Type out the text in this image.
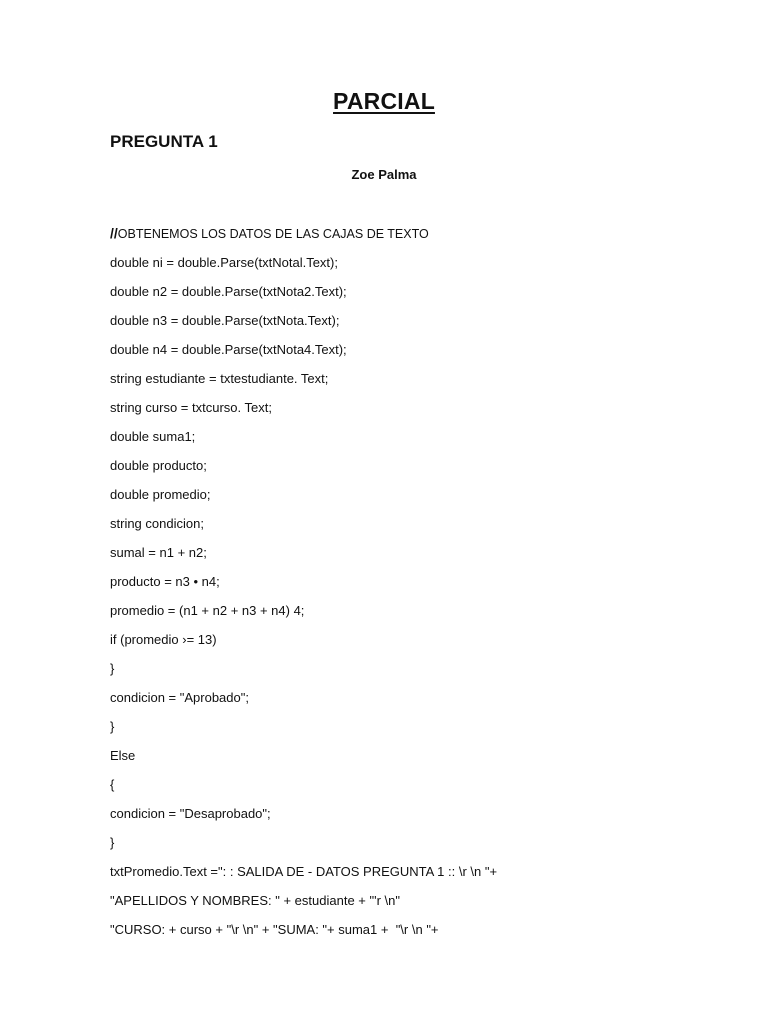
PARCIAL
PREGUNTA 1
Zoe Palma
//OBTENEMOS LOS DATOS DE LAS CAJAS DE TEXTO
double ni = double.Parse(txtNotal.Text);
double n2 = double.Parse(txtNota2.Text);
double n3 = double.Parse(txtNota.Text);
double n4 = double.Parse(txtNota4.Text);
string estudiante = txtestudiante. Text;
string curso = txtcurso. Text;
double suma1;
double producto;
double promedio;
string condicion;
sumal = n1 + n2;
producto = n3 • n4;
promedio = (n1 + n2 + n3 + n4) 4;
if (promedio ›= 13)
}
condicion = "Aprobado";
}
Else
{
condicion = "Desaprobado";
}
txtPromedio.Text =": : SALIDA DE - DATOS PREGUNTA 1 :: \r \n "+
"APELLIDOS Y NOMBRES: " + estudiante + "'r \n"
"CURSO: + curso + "\r \n" + "SUMA: "+ suma1 +  "\r \n "+
